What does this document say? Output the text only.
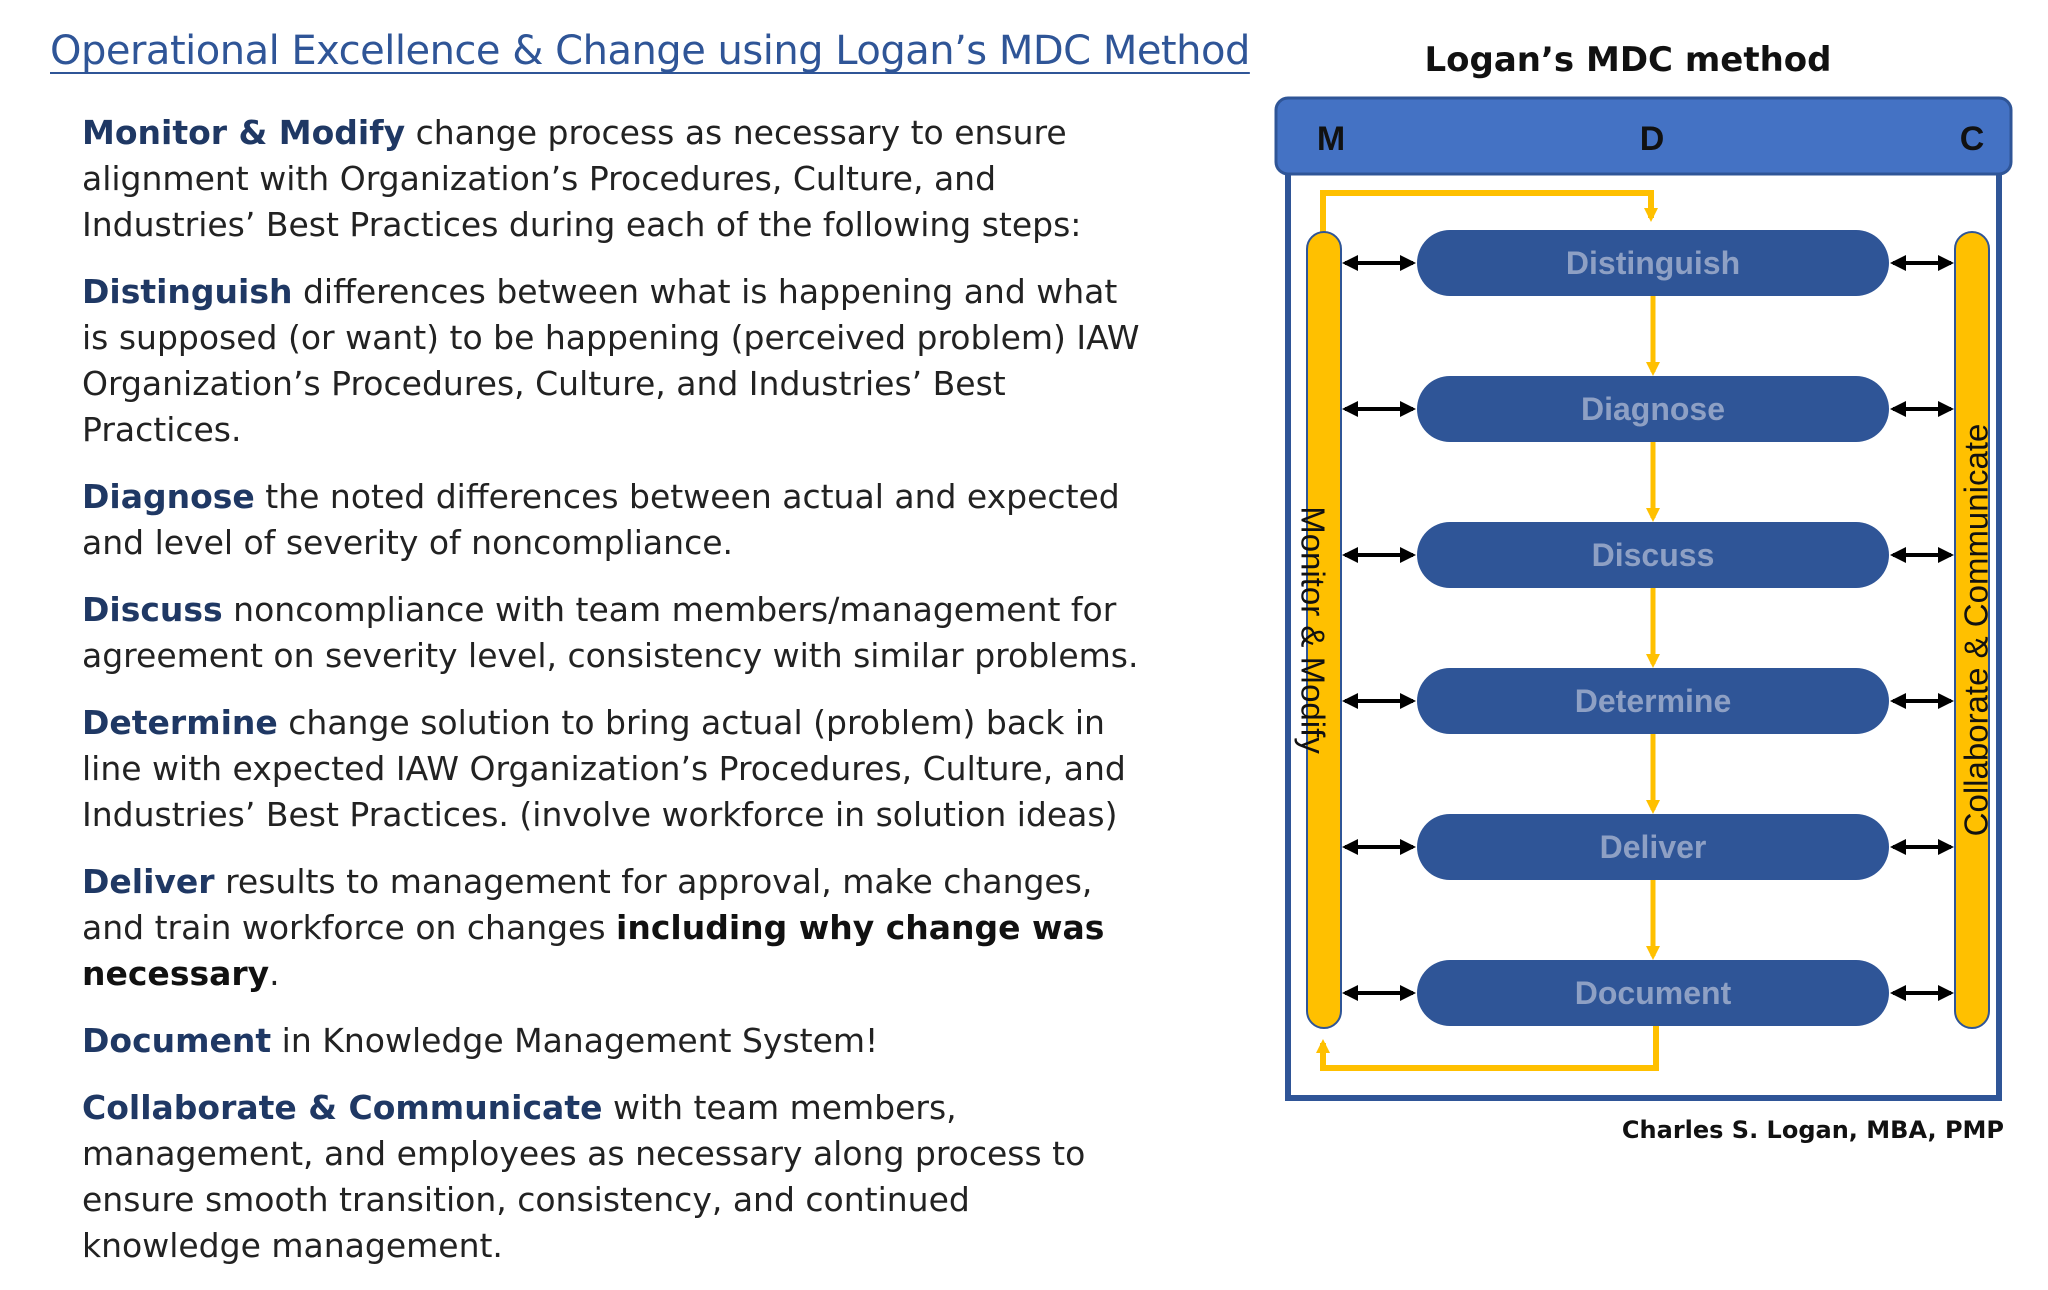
Operational Excellence & Change using Logan’s MDC Method
Monitor & Modify change process as necessary to ensure alignment with Organization’s Procedures, Culture, and Industries’ Best Practices during each of the following steps:
Distinguish differences between what is happening and what is supposed (or want) to be happening (perceived problem) IAW Organization’s Procedures, Culture, and Industries’ Best Practices.
Diagnose the noted differences between actual and expected and level of severity of noncompliance.
Discuss noncompliance with team members/management for agreement on severity level, consistency with similar problems.
Determine change solution to bring actual (problem) back in line with expected IAW Organization’s Procedures, Culture, and Industries’ Best Practices. (involve workforce in solution ideas)
Deliver results to management for approval, make changes, and train workforce on changes including why change was necessary.
Document in Knowledge Management System!
Collaborate & Communicate with team members, management, and employees as necessary along process to ensure smooth transition, consistency, and continued knowledge management.
Logan’s MDC method
M	D	C
Monitor & Modify	Collaborate & Communicate
Distinguish
Diagnose
Discuss
Determine
Deliver
Document
Charles S. Logan, MBA, PMP
